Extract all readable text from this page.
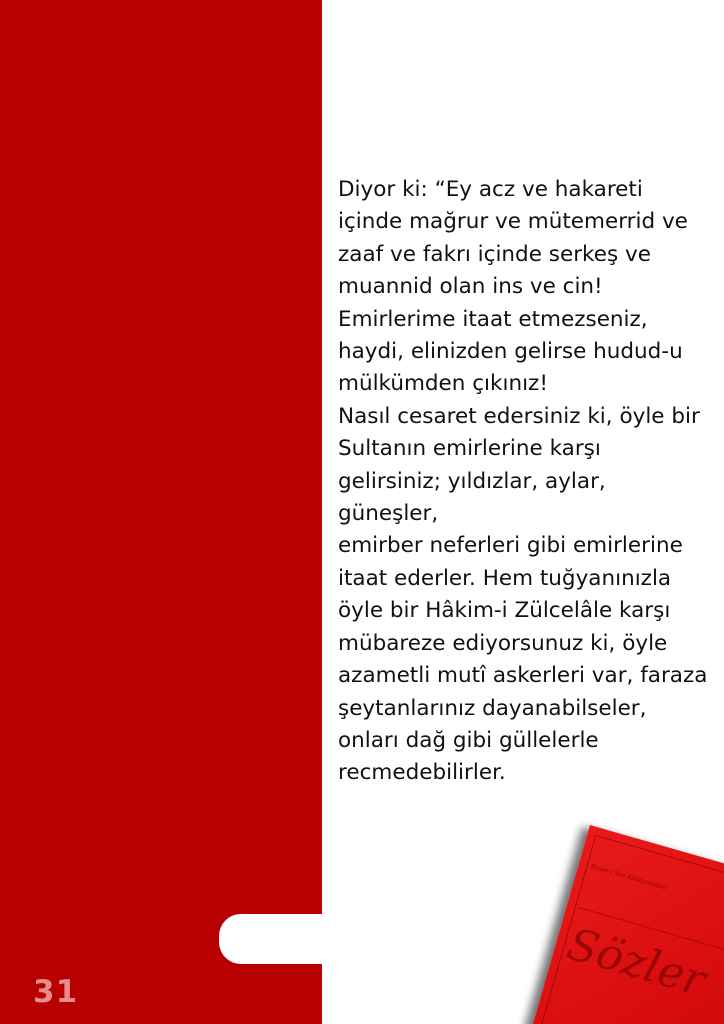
31

Diyor ki: “Ey acz ve hakareti
içinde mağrur ve mütemerrid ve
zaaf ve fakrı içinde serkeş ve
muannid olan ins ve cin!
Emirlerime itaat etmezseniz,
haydi, elinizden gelirse hudud-u
mülkümden çıkınız!
Nasıl cesaret edersiniz ki, öyle bir
Sultanın emirlerine karşı
gelirsiniz; yıldızlar, aylar, güneşler,
emirber neferleri gibi emirlerine
itaat ederler. Hem tuğyanınızla
öyle bir Hâkim-i Zülcelâle karşı
mübareze ediyorsunuz ki, öyle
azametli mutî askerleri var, faraza
şeytanlarınız dayanabilseler,
onları dağ gibi güllelerle
recmedebilirler.

Risale-i Nur Külliyatından
Sözler
